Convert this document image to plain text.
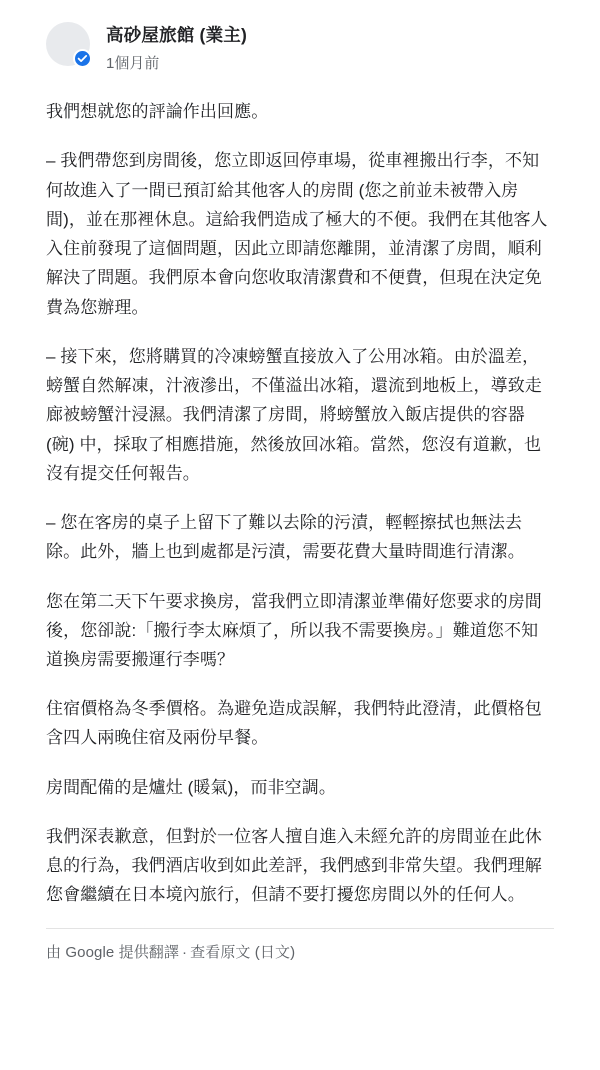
高砂屋旅館 (業主)
1個月前

我們想就您的評論作出回應。

– 我們帶您到房間後，您立即返回停車場，從車裡搬出行李，不知何故進入了一間已預訂給其他客人的房間 (您之前並未被帶入房間)，並在那裡休息。這給我們造成了極大的不便。我們在其他客人入住前發現了這個問題，因此立即請您離開，並清潔了房間，順利解決了問題。我們原本會向您收取清潔費和不便費，但現在決定免費為您辦理。

– 接下來，您將購買的冷凍螃蟹直接放入了公用冰箱。由於溫差，螃蟹自然解凍，汁液滲出，不僅溢出冰箱，還流到地板上，導致走廊被螃蟹汁浸濕。我們清潔了房間，將螃蟹放入飯店提供的容器 (碗) 中，採取了相應措施，然後放回冰箱。當然，您沒有道歉，也沒有提交任何報告。

– 您在客房的桌子上留下了難以去除的污漬，輕輕擦拭也無法去除。此外，牆上也到處都是污漬，需要花費大量時間進行清潔。

您在第二天下午要求換房，當我們立即清潔並準備好您要求的房間後，您卻說:「搬行李太麻煩了，所以我不需要換房。」難道您不知道換房需要搬運行李嗎？

住宿價格為冬季價格。為避免造成誤解，我們特此澄清，此價格包含四人兩晚住宿及兩份早餐。

房間配備的是爐灶 (暖氣)，而非空調。

我們深表歉意，但對於一位客人擅自進入未經允許的房間並在此休息的行為，我們酒店收到如此差評，我們感到非常失望。我們理解您會繼續在日本境內旅行，但請不要打擾您房間以外的任何人。

由 Google 提供翻譯 · 查看原文 (日文)
